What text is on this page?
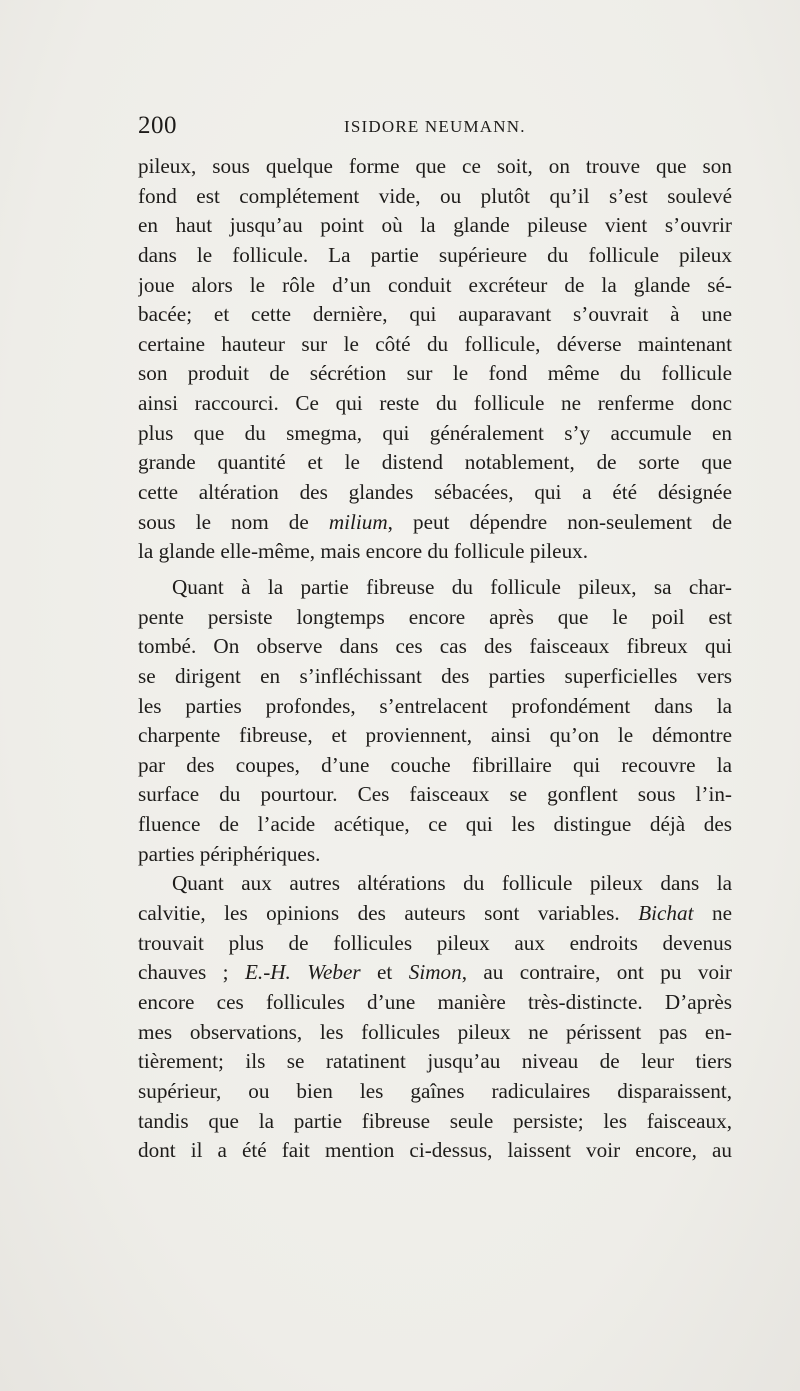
200	ISIDORE NEUMANN.
pileux, sous quelque forme que ce soit, on trouve que son
fond est complétement vide, ou plutôt qu’il s’est soulevé
en haut jusqu’au point où la glande pileuse vient s’ouvrir
dans le follicule. La partie supérieure du follicule pileux
joue alors le rôle d’un conduit excréteur de la glande sé-
bacée; et cette dernière, qui auparavant s’ouvrait à une
certaine hauteur sur le côté du follicule, déverse maintenant
son produit de sécrétion sur le fond même du follicule
ainsi raccourci. Ce qui reste du follicule ne renferme donc
plus que du smegma, qui généralement s’y accumule en
grande quantité et le distend notablement, de sorte que
cette altération des glandes sébacées, qui a été désignée
sous le nom de milium, peut dépendre non-seulement de
la glande elle-même, mais encore du follicule pileux.
Quant à la partie fibreuse du follicule pileux, sa char-
pente persiste longtemps encore après que le poil est
tombé. On observe dans ces cas des faisceaux fibreux qui
se dirigent en s’infléchissant des parties superficielles vers
les parties profondes, s’entrelacent profondément dans la
charpente fibreuse, et proviennent, ainsi qu’on le démontre
par des coupes, d’une couche fibrillaire qui recouvre la
surface du pourtour. Ces faisceaux se gonflent sous l’in-
fluence de l’acide acétique, ce qui les distingue déjà des
parties périphériques.
Quant aux autres altérations du follicule pileux dans la
calvitie, les opinions des auteurs sont variables. Bichat ne
trouvait plus de follicules pileux aux endroits devenus
chauves ; E.-H. Weber et Simon, au contraire, ont pu voir
encore ces follicules d’une manière très-distincte. D’après
mes observations, les follicules pileux ne périssent pas en-
tièrement; ils se ratatinent jusqu’au niveau de leur tiers
supérieur, ou bien les gaînes radiculaires disparaissent,
tandis que la partie fibreuse seule persiste; les faisceaux,
dont il a été fait mention ci-dessus, laissent voir encore, au
